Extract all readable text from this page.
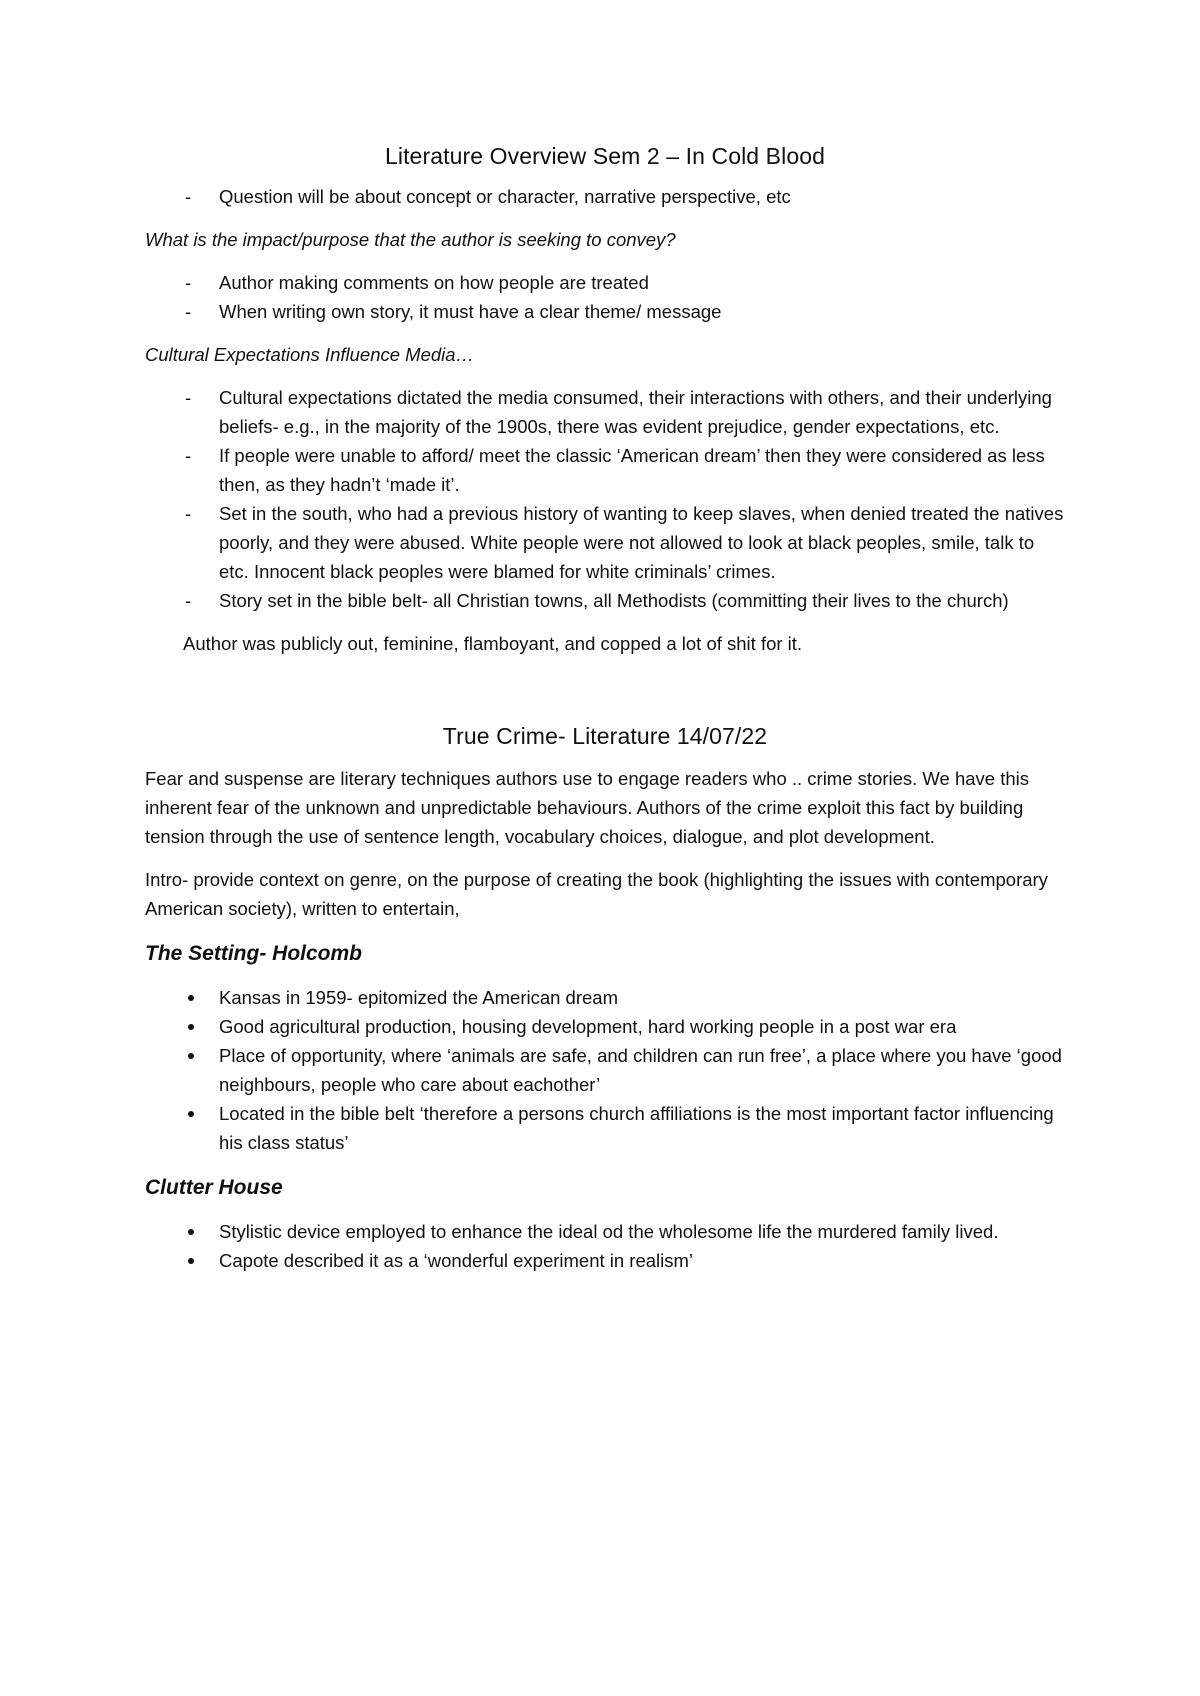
Literature Overview Sem 2 – In Cold Blood
- Question will be about concept or character, narrative perspective, etc

What is the impact/purpose that the author is seeking to convey?

- Author making comments on how people are treated
- When writing own story, it must have a clear theme/ message

Cultural Expectations Influence Media…

- Cultural expectations dictated the media consumed, their interactions with others, and their underlying beliefs- e.g., in the majority of the 1900s, there was evident prejudice, gender expectations, etc.
- If people were unable to afford/ meet the classic ‘American dream’ then they were considered as less then, as they hadn’t ‘made it’.
- Set in the south, who had a previous history of wanting to keep slaves, when denied treated the natives poorly, and they were abused. White people were not allowed to look at black peoples, smile, talk to etc. Innocent black peoples were blamed for white criminals’ crimes.
- Story set in the bible belt- all Christian towns, all Methodists (committing their lives to the church)

Author was publicly out, feminine, flamboyant, and copped a lot of shit for it.

True Crime- Literature 14/07/22

Fear and suspense are literary techniques authors use to engage readers who .. crime stories. We have this inherent fear of the unknown and unpredictable behaviours. Authors of the crime exploit this fact by building tension through the use of sentence length, vocabulary choices, dialogue, and plot development.

Intro- provide context on genre, on the purpose of creating the book (highlighting the issues with contemporary American society), written to entertain,

The Setting- Holcomb
Kansas in 1959- epitomized the American dream
Good agricultural production, housing development, hard working people in a post war era
Place of opportunity, where ‘animals are safe, and children can run free’, a place where you have ‘good neighbours, people who care about eachother’
Located in the bible belt ‘therefore a persons church affiliations is the most important factor influencing his class status’
Clutter House
Stylistic device employed to enhance the ideal od the wholesome life the murdered family lived.
Capote described it as a ‘wonderful experiment in realism’
